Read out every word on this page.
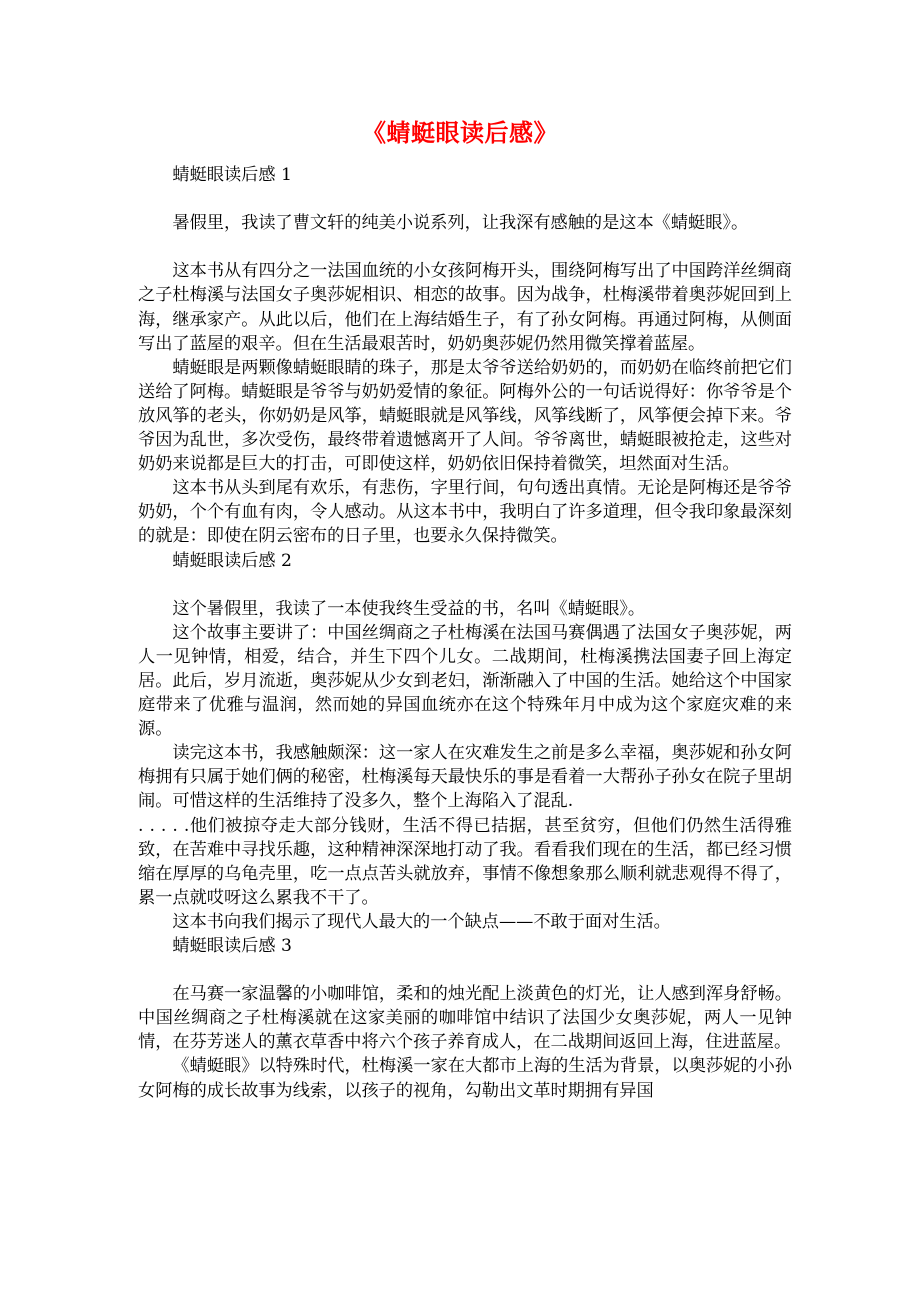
《蜻蜓眼读后感》

蜻蜓眼读后感 1

暑假里，我读了曹文轩的纯美小说系列，让我深有感触的是这本《蜻蜓眼》。

这本书从有四分之一法国血统的小女孩阿梅开头，围绕阿梅写出了中国跨洋丝绸商之子杜梅溪与法国女子奥莎妮相识、相恋的故事。因为战争，杜梅溪带着奥莎妮回到上海，继承家产。从此以后，他们在上海结婚生子，有了孙女阿梅。再通过阿梅，从侧面写出了蓝屋的艰辛。但在生活最艰苦时，奶奶奥莎妮仍然用微笑撑着蓝屋。

蜻蜓眼是两颗像蜻蜓眼睛的珠子，那是太爷爷送给奶奶的，而奶奶在临终前把它们送给了阿梅。蜻蜓眼是爷爷与奶奶爱情的象征。阿梅外公的一句话说得好：你爷爷是个放风筝的老头，你奶奶是风筝，蜻蜓眼就是风筝线，风筝线断了，风筝便会掉下来。爷爷因为乱世，多次受伤，最终带着遗憾离开了人间。爷爷离世，蜻蜓眼被抢走，这些对奶奶来说都是巨大的打击，可即使这样，奶奶依旧保持着微笑，坦然面对生活。

这本书从头到尾有欢乐，有悲伤，字里行间，句句透出真情。无论是阿梅还是爷爷奶奶，个个有血有肉，令人感动。从这本书中，我明白了许多道理，但令我印象最深刻的就是：即使在阴云密布的日子里，也要永久保持微笑。

蜻蜓眼读后感 2

这个暑假里，我读了一本使我终生受益的书，名叫《蜻蜓眼》。

这个故事主要讲了：中国丝绸商之子杜梅溪在法国马赛偶遇了法国女子奥莎妮，两人一见钟情，相爱，结合，并生下四个儿女。二战期间，杜梅溪携法国妻子回上海定居。此后，岁月流逝，奥莎妮从少女到老妇，渐渐融入了中国的生活。她给这个中国家庭带来了优雅与温润，然而她的异国血统亦在这个特殊年月中成为这个家庭灾难的来源。

读完这本书，我感触颇深：这一家人在灾难发生之前是多么幸福，奥莎妮和孙女阿梅拥有只属于她们俩的秘密，杜梅溪每天最快乐的事是看着一大帮孙子孙女在院子里胡闹。可惜这样的生活维持了没多久，整个上海陷入了混乱.

. . . . .他们被掠夺走大部分钱财，生活不得已拮据，甚至贫穷，但他们仍然生活得雅致，在苦难中寻找乐趣，这种精神深深地打动了我。看看我们现在的生活，都已经习惯缩在厚厚的乌龟壳里，吃一点点苦头就放弃，事情不像想象那么顺利就悲观得不得了，累一点就哎呀这么累我不干了。

这本书向我们揭示了现代人最大的一个缺点——不敢于面对生活。

蜻蜓眼读后感 3

在马赛一家温馨的小咖啡馆，柔和的烛光配上淡黄色的灯光，让人感到浑身舒畅。中国丝绸商之子杜梅溪就在这家美丽的咖啡馆中结识了法国少女奥莎妮，两人一见钟情，在芬芳迷人的薰衣草香中将六个孩子养育成人，在二战期间返回上海，住进蓝屋。

《蜻蜓眼》以特殊时代，杜梅溪一家在大都市上海的生活为背景，以奥莎妮的小孙女阿梅的成长故事为线索，以孩子的视角，勾勒出文革时期拥有异国
